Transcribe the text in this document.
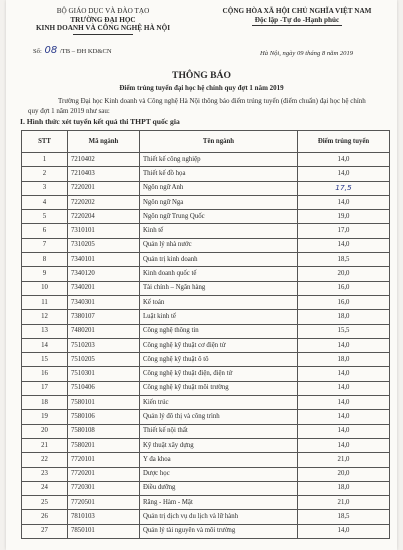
BỘ GIÁO DỤC VÀ ĐÀO TẠO
TRƯỜNG ĐẠI HỌC
KINH DOANH VÀ CÔNG NGHỆ HÀ NỘI
CỘNG HÒA XÃ HỘI CHỦ NGHĨA VIỆT NAM
Độc lập -Tự do -Hạnh phúc
Số: 08 /TB – ĐH KD&CN	Hà Nội, ngày 09 tháng 8 năm 2019
THÔNG BÁO
Điểm trúng tuyển đại học hệ chính quy đợt 1 năm 2019
Trường Đại học Kinh doanh và Công nghệ Hà Nội thông báo điểm trúng tuyển (điểm chuẩn) đại học hệ chính quy đợt 1 năm 2019 như sau:
I. Hình thức xét tuyển kết quả thi THPT quốc gia
STT	Mã ngành	Tên ngành	Điểm trúng tuyển
1	7210402	Thiết kế công nghiệp	14,0
2	7210403	Thiết kế đồ họa	14,0
3	7220201	Ngôn ngữ Anh	17,5
4	7220202	Ngôn ngữ Nga	14,0
5	7220204	Ngôn ngữ Trung Quốc	19,0
6	7310101	Kinh tế	17,0
7	7310205	Quản lý nhà nước	14,0
8	7340101	Quản trị kinh doanh	18,5
9	7340120	Kinh doanh quốc tế	20,0
10	7340201	Tài chính – Ngân hàng	16,0
11	7340301	Kế toán	16,0
12	7380107	Luật kinh tế	18,0
13	7480201	Công nghệ thông tin	15,5
14	7510203	Công nghệ kỹ thuật cơ điện tử	14,0
15	7510205	Công nghệ kỹ thuật ô tô	18,0
16	7510301	Công nghệ kỹ thuật điện, điện tử	14,0
17	7510406	Công nghệ kỹ thuật môi trường	14,0
18	7580101	Kiến trúc	14,0
19	7580106	Quản lý đô thị và công trình	14,0
20	7580108	Thiết kế nội thất	14,0
21	7580201	Kỹ thuật xây dựng	14,0
22	7720101	Y đa khoa	21,0
23	7720201	Dược học	20,0
24	7720301	Điều dưỡng	18,0
25	7720501	Răng - Hàm - Mặt	21,0
26	7810103	Quản trị dịch vụ du lịch và lữ hành	18,5
27	7850101	Quản lý tài nguyên và môi trường	14,0
